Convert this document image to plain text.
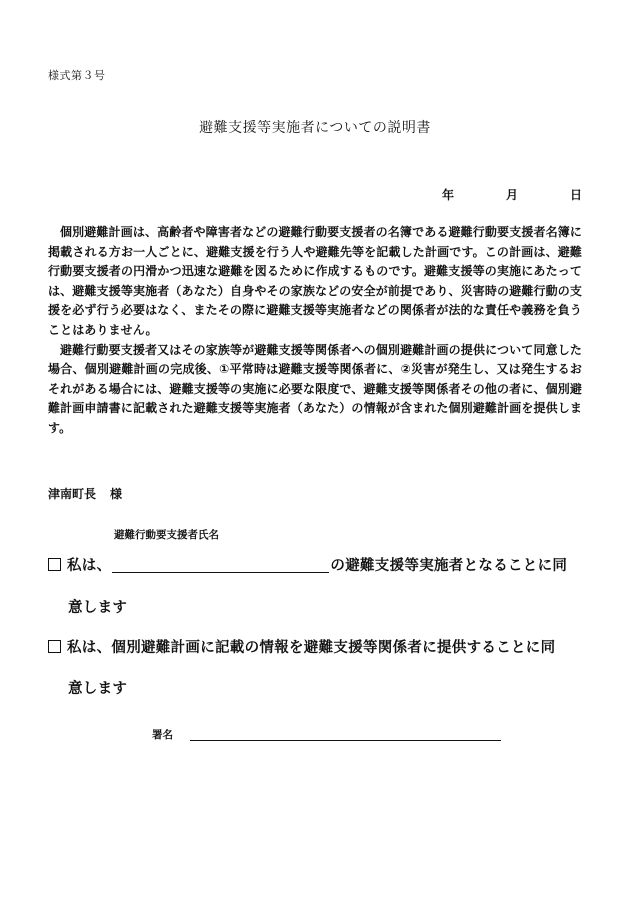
様式第３号
避難支援等実施者についての説明書
年	月	日

個別避難計画は、高齢者や障害者などの避難行動要支援者の名簿である避難行動要支援者名簿に掲載される方お一人ごとに、避難支援を行う人や避難先等を記載した計画です。この計画は、避難行動要支援者の円滑かつ迅速な避難を図るために作成するものです。避難支援等の実施にあたっては、避難支援等実施者（あなた）自身やその家族などの安全が前提であり、災害時の避難行動の支援を必ず行う必要はなく、またその際に避難支援等実施者などの関係者が法的な責任や義務を負うことはありません。

避難行動要支援者又はその家族等が避難支援等関係者への個別避難計画の提供について同意した場合、個別避難計画の完成後、①平常時は避難支援等関係者に、②災害が発生し、又は発生するおそれがある場合には、避難支援等の実施に必要な限度で、避難支援等関係者その他の者に、個別避難計画申請書に記載された避難支援等実施者（あなた）の情報が含まれた個別避難計画を提供します。

津南町長 様
避難行動要支援者氏名
私は、	の避難支援等実施者となることに同
意します
私は、個別避難計画に記載の情報を避難支援等関係者に提供することに同
意します
署名
